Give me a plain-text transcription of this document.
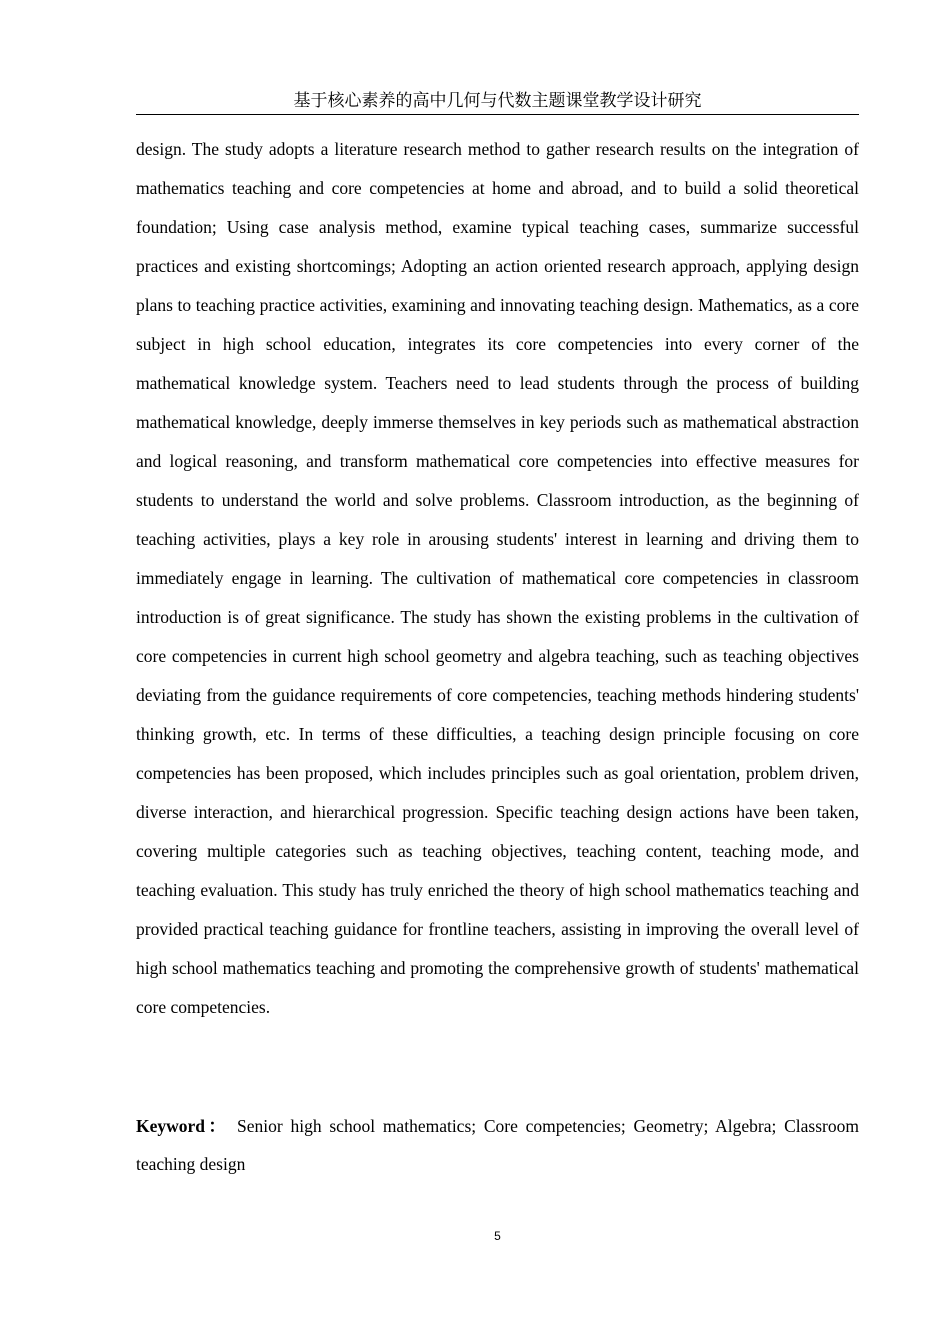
基于核心素养的高中几何与代数主题课堂教学设计研究

design. The study adopts a literature research method to gather research results on the integration of mathematics teaching and core competencies at home and abroad, and to build a solid theoretical foundation; Using case analysis method, examine typical teaching cases, summarize successful practices and existing shortcomings; Adopting an action oriented research approach, applying design plans to teaching practice activities, examining and innovating teaching design. Mathematics, as a core subject in high school education, integrates its core competencies into every corner of the mathematical knowledge system. Teachers need to lead students through the process of building mathematical knowledge, deeply immerse themselves in key periods such as mathematical abstraction and logical reasoning, and transform mathematical core competencies into effective measures for students to understand the world and solve problems. Classroom introduction, as the beginning of teaching activities, plays a key role in arousing students' interest in learning and driving them to immediately engage in learning. The cultivation of mathematical core competencies in classroom introduction is of great significance. The study has shown the existing problems in the cultivation of core competencies in current high school geometry and algebra teaching, such as teaching objectives deviating from the guidance requirements of core competencies, teaching methods hindering students' thinking growth, etc. In terms of these difficulties, a teaching design principle focusing on core competencies has been proposed, which includes principles such as goal orientation, problem driven, diverse interaction, and hierarchical progression. Specific teaching design actions have been taken, covering multiple categories such as teaching objectives, teaching content, teaching mode, and teaching evaluation. This study has truly enriched the theory of high school mathematics teaching and provided practical teaching guidance for frontline teachers, assisting in improving the overall level of high school mathematics teaching and promoting the comprehensive growth of students' mathematical core competencies.

Keyword： Senior high school mathematics; Core competencies; Geometry; Algebra; Classroom teaching design

5
